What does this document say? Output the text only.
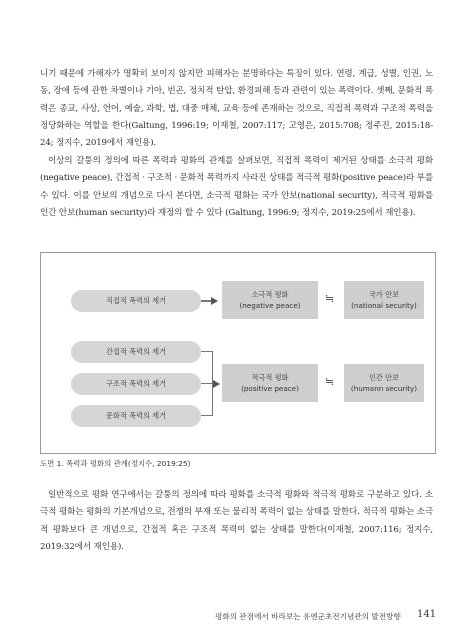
니기 때문에 가해자가 명확히 보이지 않지만 피해자는 분명하다는 특징이 있다. 연령, 계급, 성별, 인권, 노동, 장애 등에 관한 차별이나 기아, 빈곤, 정치적 탄압, 환경피해 등과 관련이 있는 폭력이다. 셋째, 문화적 폭력은 종교, 사상, 언어, 예술, 과학, 법, 대중 매체, 교육 등에 존재하는 것으로, 직접적 폭력과 구조적 폭력을 정당화하는 역할을 한다(Galtung, 1996:19; 이재철, 2007:117; 고영은, 2015:708; 정주진, 2015:18-24; 정지수, 2019에서 재인용).

이상의 갈퉁의 정의에 따른 폭력과 평화의 관계를 살펴보면, 직접적 폭력이 제거된 상태를 소극적 평화(negative peace), 간접적 · 구조적 · 문화적 폭력까지 사라진 상태를 적극적 평화(positive peace)라 부를 수 있다. 이를 안보의 개념으로 다시 본다면, 소극적 평화는 국가 안보(national security), 적극적 평화를 인간 안보(human security)라 재정의 할 수 있다 (Galtung, 1996:9; 정지수, 2019:25에서 재인용).

직접적 폭력의 제거
간접적 폭력의 제거
구조적 폭력의 제거
문화적 폭력의 제거
소극적 평화
(negative peace)
적극적 평화
(positive peace)
≒
≒
국가 안보
(national security)
인간 안보
(humann security)
도면 1. 폭력과 평화의 관계(정지수, 2019:25)

일반적으로 평화 연구에서는 갈퉁의 정의에 따라 평화를 소극적 평화와 적극적 평화로 구분하고 있다. 소극적 평화는 평화의 기본개념으로, 전쟁의 부재 또는 물리적 폭력이 없는 상태를 말한다. 적극적 평화는 소극적 평화보다 큰 개념으로, 간접적 혹은 구조적 폭력이 없는 상태를 말한다(이재철, 2007:116; 정지수, 2019:32에서 재인용).

평화의 관점에서 바라보는 유엔군초전기념관의 발전방향 141
